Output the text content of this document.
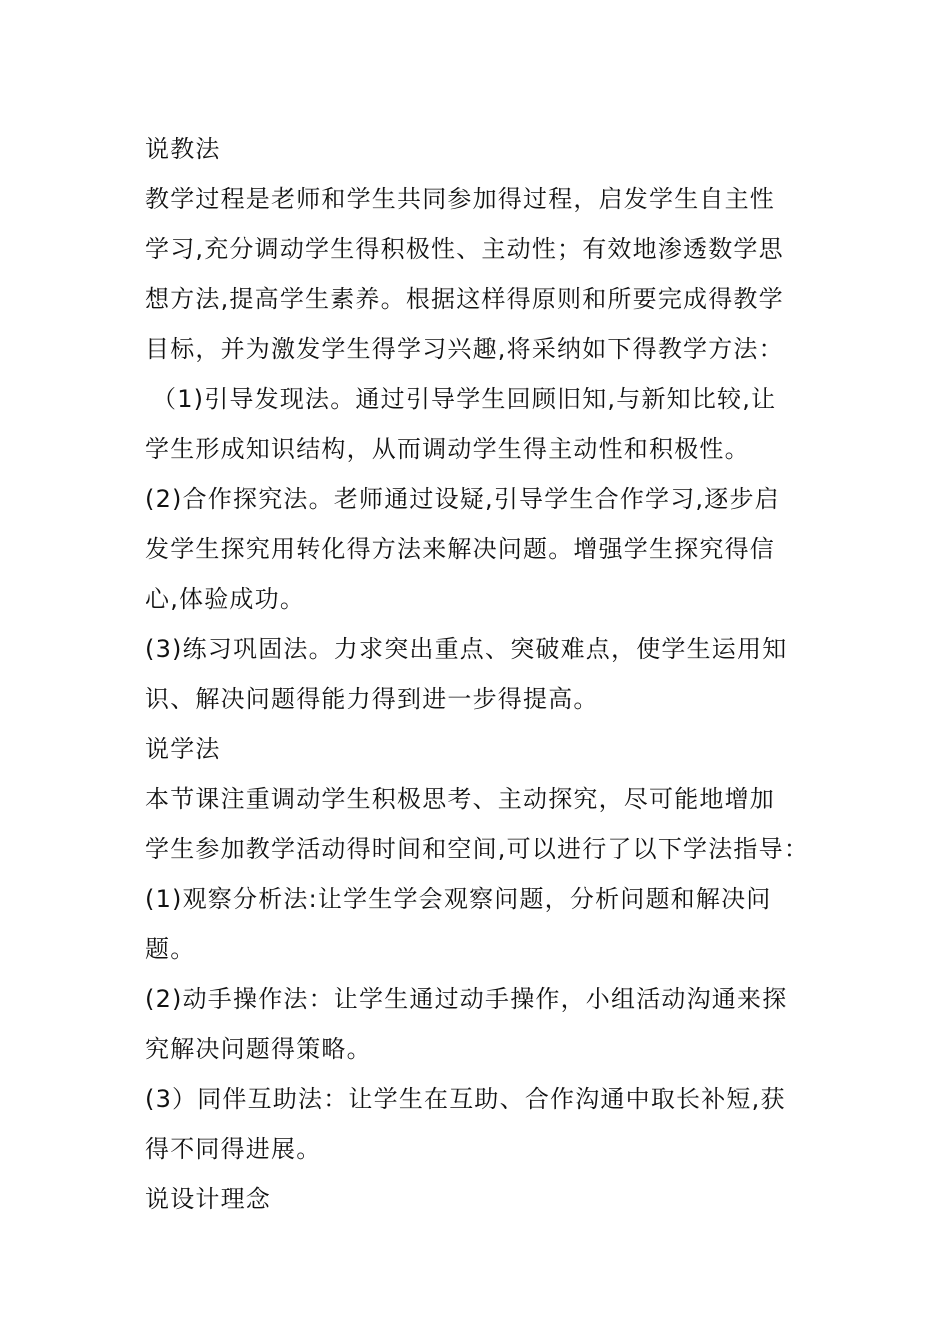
说教法
教学过程是老师和学生共同参加得过程，启发学生自主性
学习,充分调动学生得积极性、主动性；有效地渗透数学思
想方法,提高学生素养。根据这样得原则和所要完成得教学
目标，并为激发学生得学习兴趣,将采纳如下得教学方法：
（1)引导发现法。通过引导学生回顾旧知,与新知比较,让
学生形成知识结构，从而调动学生得主动性和积极性。
(2)合作探究法。老师通过设疑,引导学生合作学习,逐步启
发学生探究用转化得方法来解决问题。增强学生探究得信
心,体验成功。
(3)练习巩固法。力求突出重点、突破难点，使学生运用知
识、解决问题得能力得到进一步得提高。
说学法
本节课注重调动学生积极思考、主动探究，尽可能地增加
学生参加教学活动得时间和空间,可以进行了以下学法指导：
(1)观察分析法:让学生学会观察问题，分析问题和解决问
题。
(2)动手操作法：让学生通过动手操作，小组活动沟通来探
究解决问题得策略。
(3）同伴互助法：让学生在互助、合作沟通中取长补短,获
得不同得进展。
说设计理念
